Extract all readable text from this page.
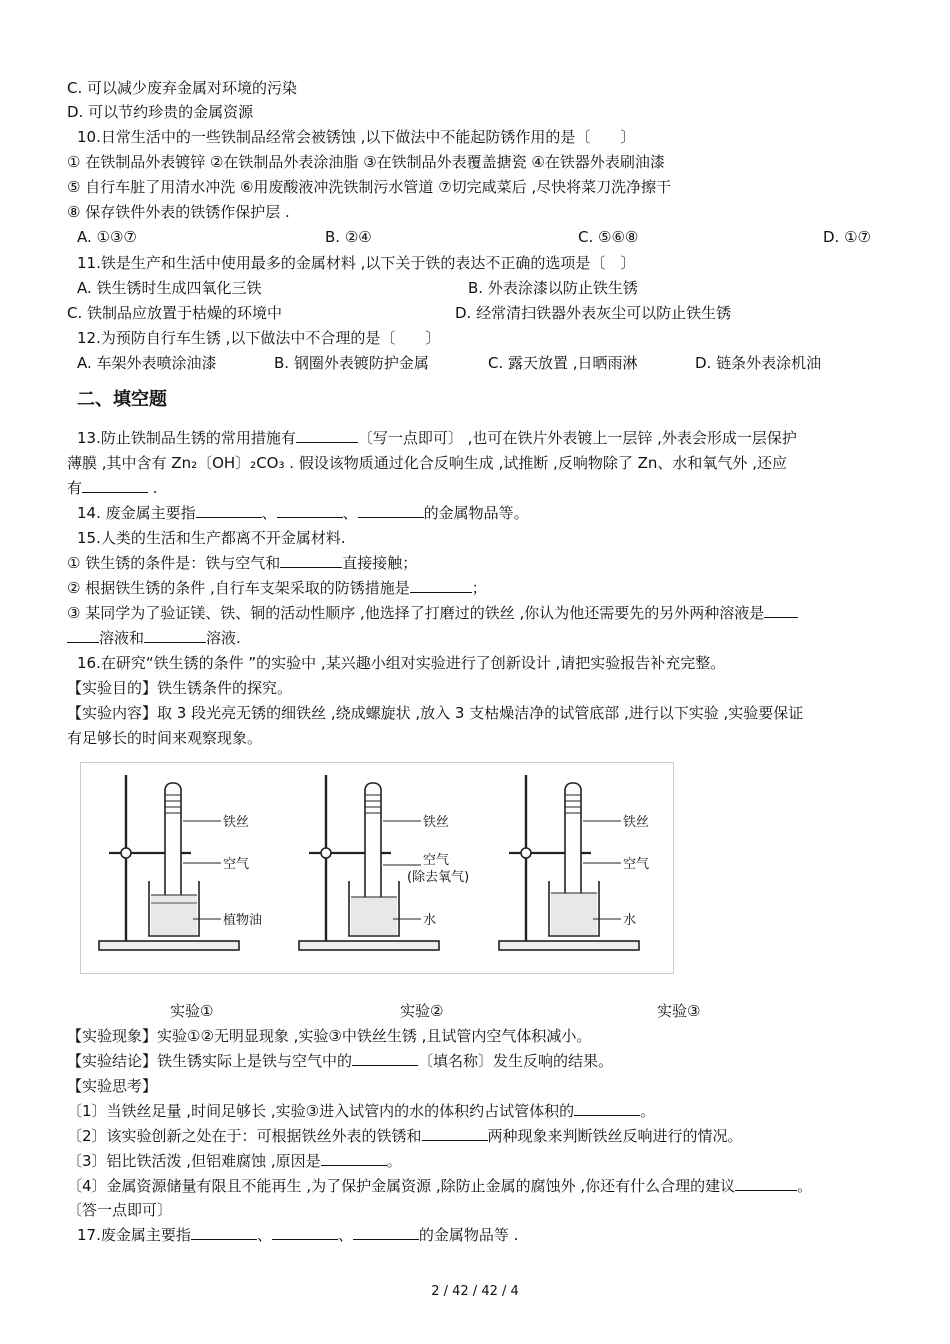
C. 可以减少废弃金属对环境的污染
D. 可以节约珍贵的金属资源
10.日常生活中的一些铁制品经常会被锈蚀 ,以下做法中不能起防锈作用的是〔　　〕
① 在铁制品外表镀锌 ②在铁制品外表涂油脂 ③在铁制品外表覆盖搪瓷 ④在铁器外表刷油漆
⑤ 自行车脏了用清水冲洗 ⑥用废酸液冲洗铁制污水管道 ⑦切完咸菜后 ,尽快将菜刀洗净擦干
⑧ 保存铁件外表的铁锈作保护层 .
A. ①③⑦	B. ②④	C. ⑤⑥⑧	D. ①⑦
11.铁是生产和生活中使用最多的金属材料 ,以下关于铁的表达不正确的选项是〔　〕
A. 铁生锈时生成四氧化三铁	B. 外表涂漆以防止铁生锈
C. 铁制品应放置于枯燥的环境中	D. 经常清扫铁器外表灰尘可以防止铁生锈
12.为预防自行车生锈 ,以下做法中不合理的是〔　　〕
A. 车架外表喷涂油漆	B. 钢圈外表镀防护金属	C. 露天放置 ,日晒雨淋	D. 链条外表涂机油
二、填空题
13.防止铁制品生锈的常用措施有	〔写一点即可〕 ,也可在铁片外表镀上一层锌 ,外表会形成一层保护
薄膜 ,其中含有 Zn₂〔OH〕₂CO₃ . 假设该物质通过化合反响生成 ,试推断 ,反响物除了 Zn、水和氧气外 ,还应
有	.
14. 废金属主要指	、	、	的金属物品等。
15.人类的生活和生产都离不开金属材料.
① 铁生锈的条件是：铁与空气和	直接接触；
② 根据铁生锈的条件 ,自行车支架采取的防锈措施是	；
③ 某同学为了验证镁、铁、铜的活动性顺序 ,他选择了打磨过的铁丝 ,你认为他还需要先的另外两种溶液是
溶液和	溶液.
16.在研究“铁生锈的条件 ”的实验中 ,某兴趣小组对实验进行了创新设计 ,请把实验报告补充完整。
【实验目的】铁生锈条件的探究。
【实验内容】取 3 段光亮无锈的细铁丝 ,绕成螺旋状 ,放入 3 支枯燥洁净的试管底部 ,进行以下实验 ,实验要保证
有足够长的时间来观察现象。
铁丝
空气
植物油
铁丝
空气
(除去氧气)
水
铁丝
空气
水
实验①	实验②	实验③
【实验现象】实验①②无明显现象 ,实验③中铁丝生锈 ,且试管内空气体积减小。
【实验结论】铁生锈实际上是铁与空气中的	〔填名称〕发生反响的结果。
【实验思考】
〔1〕当铁丝足量 ,时间足够长 ,实验③进入试管内的水的体积约占试管体积的	。
〔2〕该实验创新之处在于：可根据铁丝外表的铁锈和	两种现象来判断铁丝反响进行的情况。
〔3〕铝比铁活泼 ,但铝难腐蚀 ,原因是	。
〔4〕金属资源储量有限且不能再生 ,为了保护金属资源 ,除防止金属的腐蚀外 ,你还有什么合理的建议	。
〔答一点即可〕
17.废金属主要指	、	、	的金属物品等 .
2 / 42 / 42 / 4
